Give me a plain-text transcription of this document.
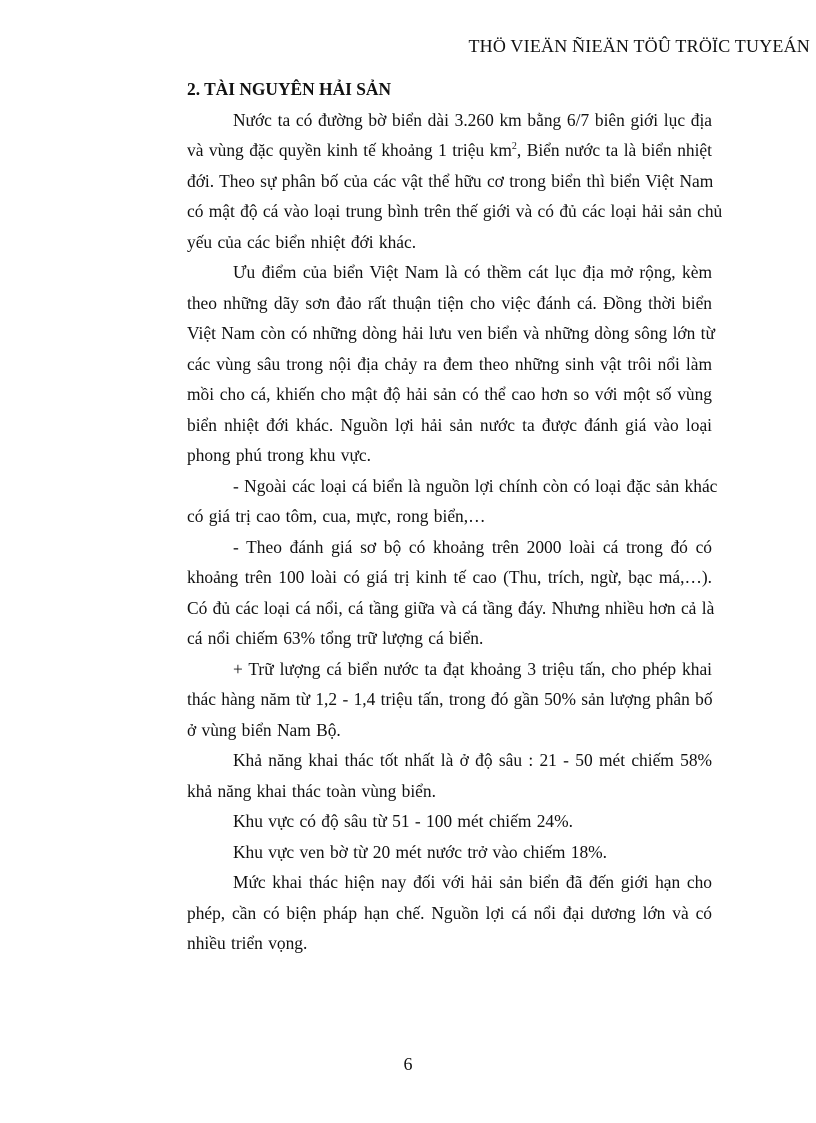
THÖ VIEÄN ÑIEÄN TÖÛ TRÖÏC TUYEÁN

2. TÀI NGUYÊN HẢI SẢN

Nước ta có đường bờ biển dài 3.260 km bằng 6/7 biên giới lục địa
và vùng đặc quyền kinh tế khoảng 1 triệu $km^2$, Biển nước ta là biển nhiệt
đới. Theo sự phân bố của các vật thể hữu cơ trong biển thì biển Việt Nam
có mật độ cá vào loại trung bình trên thế giới và có đủ các loại hải sản chủ
yếu của các biển nhiệt đới khác.
Ưu điểm của biển Việt Nam là có thềm cát lục địa mở rộng, kèm
theo những dãy sơn đảo rất thuận tiện cho việc đánh cá. Đồng thời biển
Việt Nam còn có những dòng hải lưu ven biển và những dòng sông lớn từ
các vùng sâu trong nội địa chảy ra đem theo những sinh vật trôi nổi làm
mồi cho cá, khiến cho mật độ hải sản có thể cao hơn so với một số vùng
biển nhiệt đới khác. Nguồn lợi hải sản nước ta được đánh giá vào loại
phong phú trong khu vực.
- Ngoài các loại cá biển là nguồn lợi chính còn có loại đặc sản khác
có giá trị cao tôm, cua, mực, rong biển,…
- Theo đánh giá sơ bộ có khoảng trên 2000 loài cá trong đó có
khoảng trên 100 loài có giá trị kinh tế cao (Thu, trích, ngừ, bạc má,…).
Có đủ các loại cá nổi, cá tầng giữa và cá tầng đáy. Nhưng nhiều hơn cả là
cá nổi chiếm 63% tổng trữ lượng cá biển.
+ Trữ lượng cá biển nước ta đạt khoảng 3 triệu tấn, cho phép khai
thác hàng năm từ 1,2 - 1,4 triệu tấn, trong đó gần 50% sản lượng phân bố
ở vùng biển Nam Bộ.
Khả năng khai thác tốt nhất là ở độ sâu : 21 - 50 mét chiếm 58%
khả năng khai thác toàn vùng biển.
Khu vực có độ sâu từ 51 - 100 mét chiếm 24%.
Khu vực ven bờ từ 20 mét nước trở vào chiếm 18%.
Mức khai thác hiện nay đối với hải sản biển đã đến giới hạn cho
phép, cần có biện pháp hạn chế. Nguồn lợi cá nổi đại dương lớn và có
nhiều triển vọng.
6
